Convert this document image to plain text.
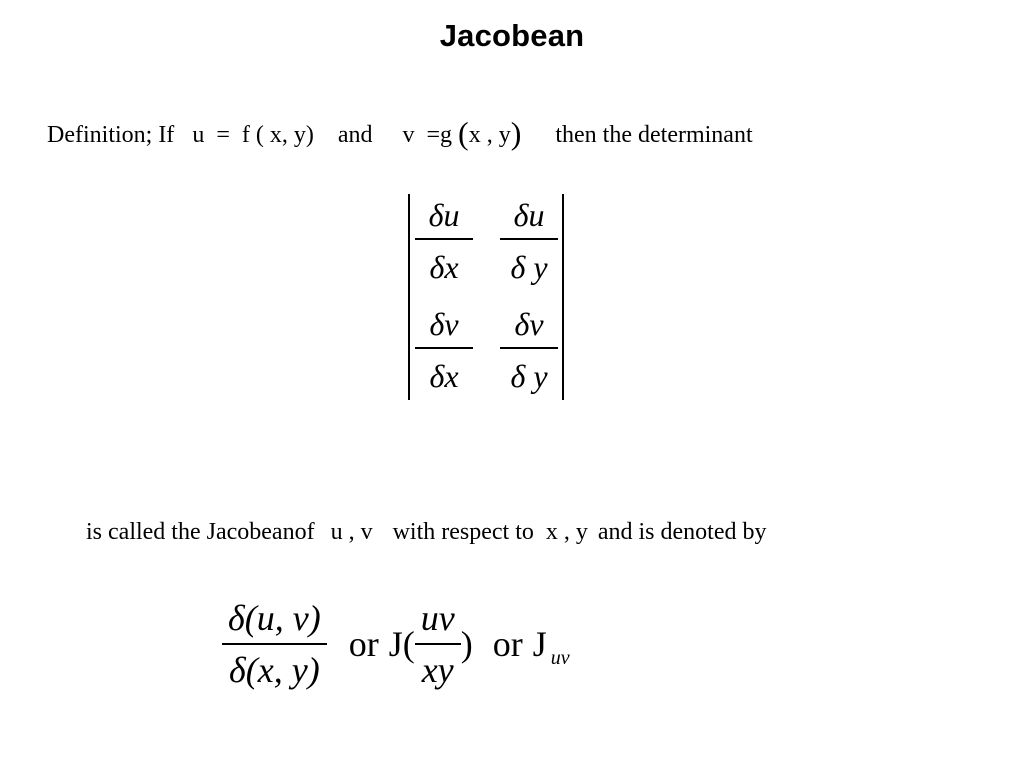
Jacobean
Definition; If u = f ( x, y) and v = g ( x , y ) then the determinant
δu
δx
δu
δ y
δv
δx
δv
δ y
is called the Jacobeanof u , v with respect to x , y and is denoted by
$\frac{\delta(u, v)}{\delta(x, y)}$ or $J( \frac{uv}{xy}$ ) or J uv
